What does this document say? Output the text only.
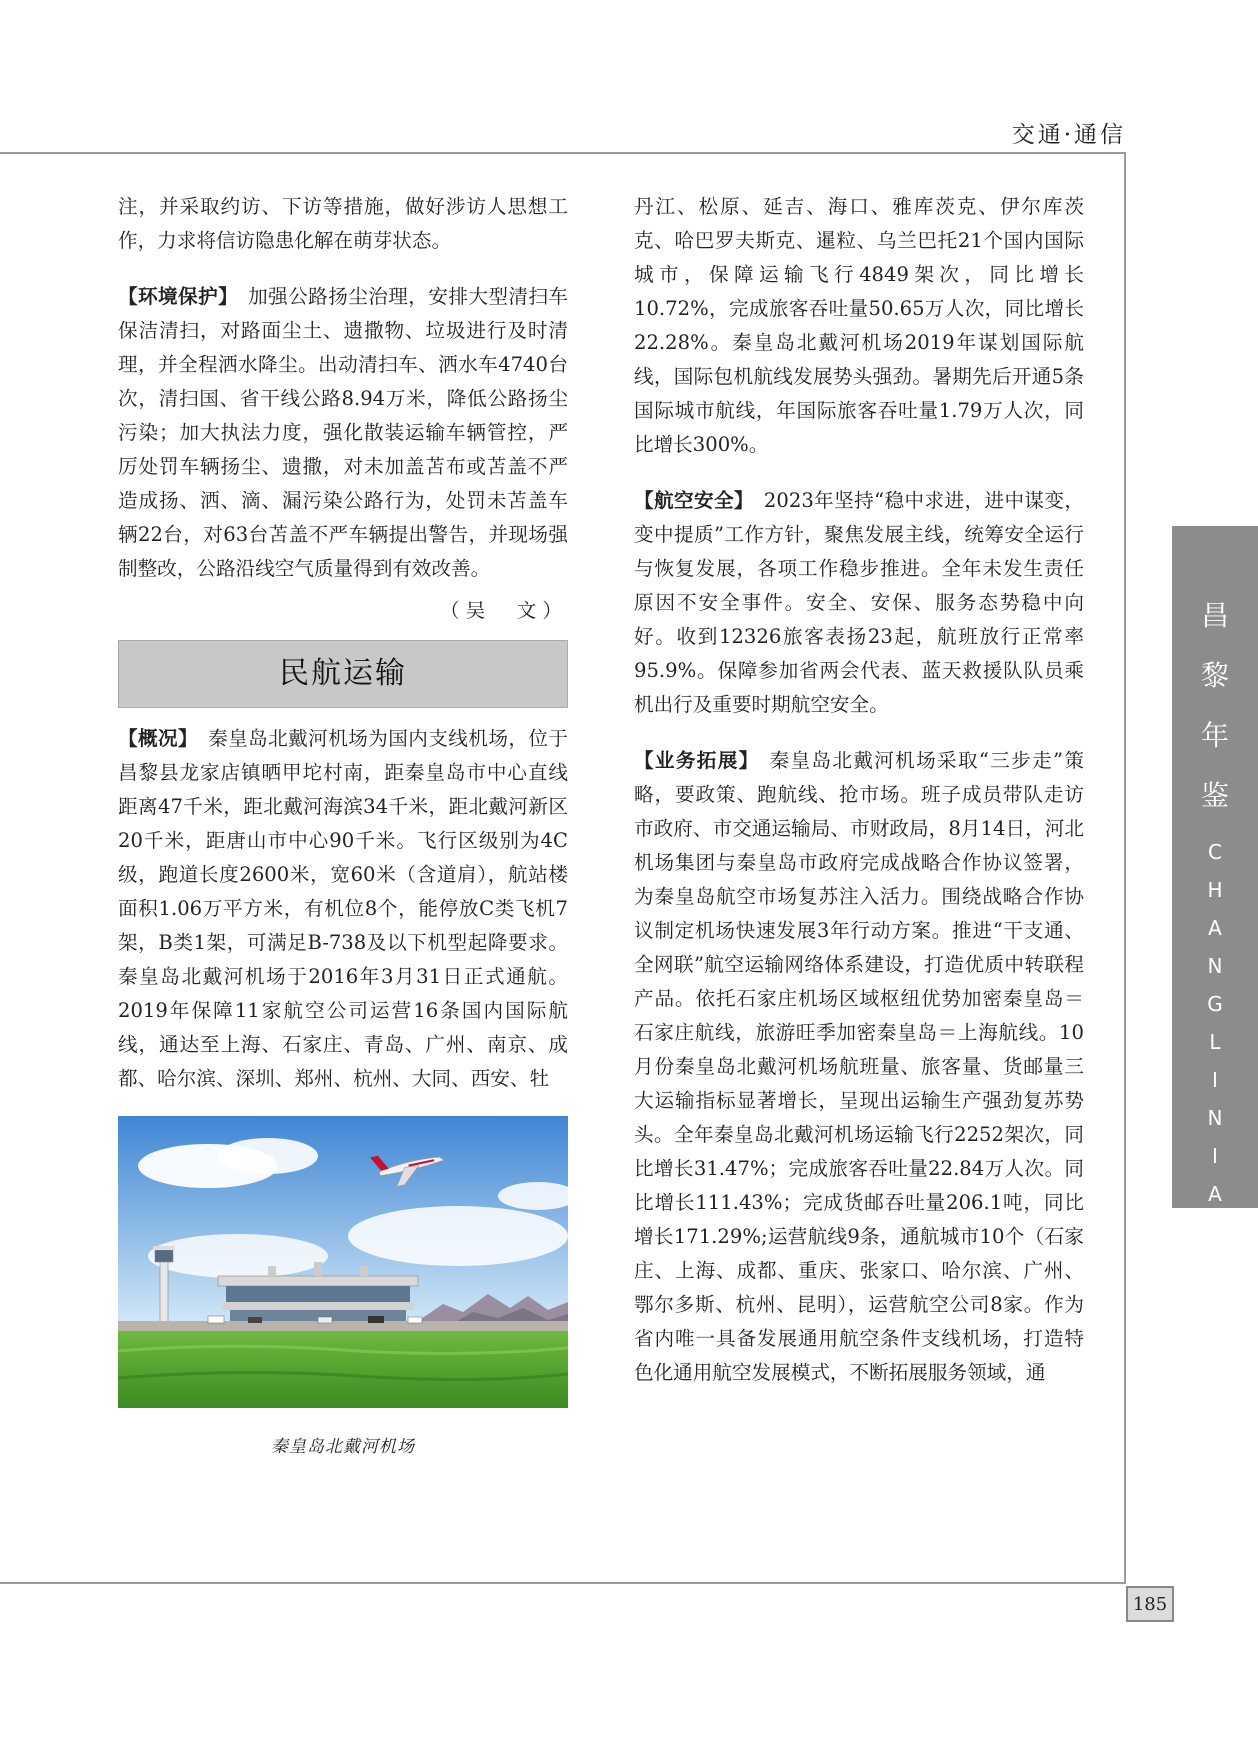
交通·通信

注，并采取约访、下访等措施，做好涉访人思想工作，力求将信访隐患化解在萌芽状态。

【环境保护】 加强公路扬尘治理，安排大型清扫车保洁清扫，对路面尘土、遗撒物、垃圾进行及时清理，并全程洒水降尘。出动清扫车、洒水车4740台次，清扫国、省干线公路8.94万米，降低公路扬尘污染；加大执法力度，强化散装运输车辆管控，严厉处罚车辆扬尘、遗撒，对未加盖苫布或苫盖不严造成扬、洒、滴、漏污染公路行为，处罚未苫盖车辆22台，对63台苫盖不严车辆提出警告，并现场强制整改，公路沿线空气质量得到有效改善。

（吴　文）
民航运输

【概况】 秦皇岛北戴河机场为国内支线机场，位于昌黎县龙家店镇晒甲坨村南，距秦皇岛市中心直线距离47千米，距北戴河海滨34千米，距北戴河新区20千米，距唐山市中心90千米。飞行区级别为4C级，跑道长度2600米，宽60米（含道肩），航站楼面积1.06万平方米，有机位8个，能停放C类飞机7架，B类1架，可满足B-738及以下机型起降要求。秦皇岛北戴河机场于2016年3月31日正式通航。2019年保障11家航空公司运营16条国内国际航线，通达至上海、石家庄、青岛、广州、南京、成都、哈尔滨、深圳、郑州、杭州、大同、西安、牡

秦皇岛北戴河机场

丹江、松原、延吉、海口、雅库茨克、伊尔库茨克、哈巴罗夫斯克、暹粒、乌兰巴托21个国内国际城市，保障运输飞行4849架次，同比增长10.72%，完成旅客吞吐量50.65万人次，同比增长22.28%。秦皇岛北戴河机场2019年谋划国际航线，国际包机航线发展势头强劲。暑期先后开通5条国际城市航线，年国际旅客吞吐量1.79万人次，同比增长300%。

【航空安全】 2023年坚持“稳中求进，进中谋变，变中提质”工作方针，聚焦发展主线，统筹安全运行与恢复发展，各项工作稳步推进。全年未发生责任原因不安全事件。安全、安保、服务态势稳中向好。收到12326旅客表扬23起，航班放行正常率95.9%。保障参加省两会代表、蓝天救援队队员乘机出行及重要时期航空安全。

【业务拓展】 秦皇岛北戴河机场采取“三步走”策略，要政策、跑航线、抢市场。班子成员带队走访市政府、市交通运输局、市财政局，8月14日，河北机场集团与秦皇岛市政府完成战略合作协议签署，为秦皇岛航空市场复苏注入活力。围绕战略合作协议制定机场快速发展3年行动方案。推进“干支通、全网联”航空运输网络体系建设，打造优质中转联程产品。依托石家庄机场区域枢纽优势加密秦皇岛＝石家庄航线，旅游旺季加密秦皇岛＝上海航线。10月份秦皇岛北戴河机场航班量、旅客量、货邮量三大运输指标显著增长，呈现出运输生产强劲复苏势头。全年秦皇岛北戴河机场运输飞行2252架次，同比增长31.47%；完成旅客吞吐量22.84万人次。同比增长111.43%；完成货邮吞吐量206.1吨，同比增长171.29%;运营航线9条，通航城市10个（石家庄、上海、成都、重庆、张家口、哈尔滨、广州、鄂尔多斯、杭州、昆明），运营航空公司8家。作为省内唯一具备发展通用航空条件支线机场，打造特色化通用航空发展模式，不断拓展服务领域，通

昌
黎
年
鉴
CHANGLINIANJIAN
185
